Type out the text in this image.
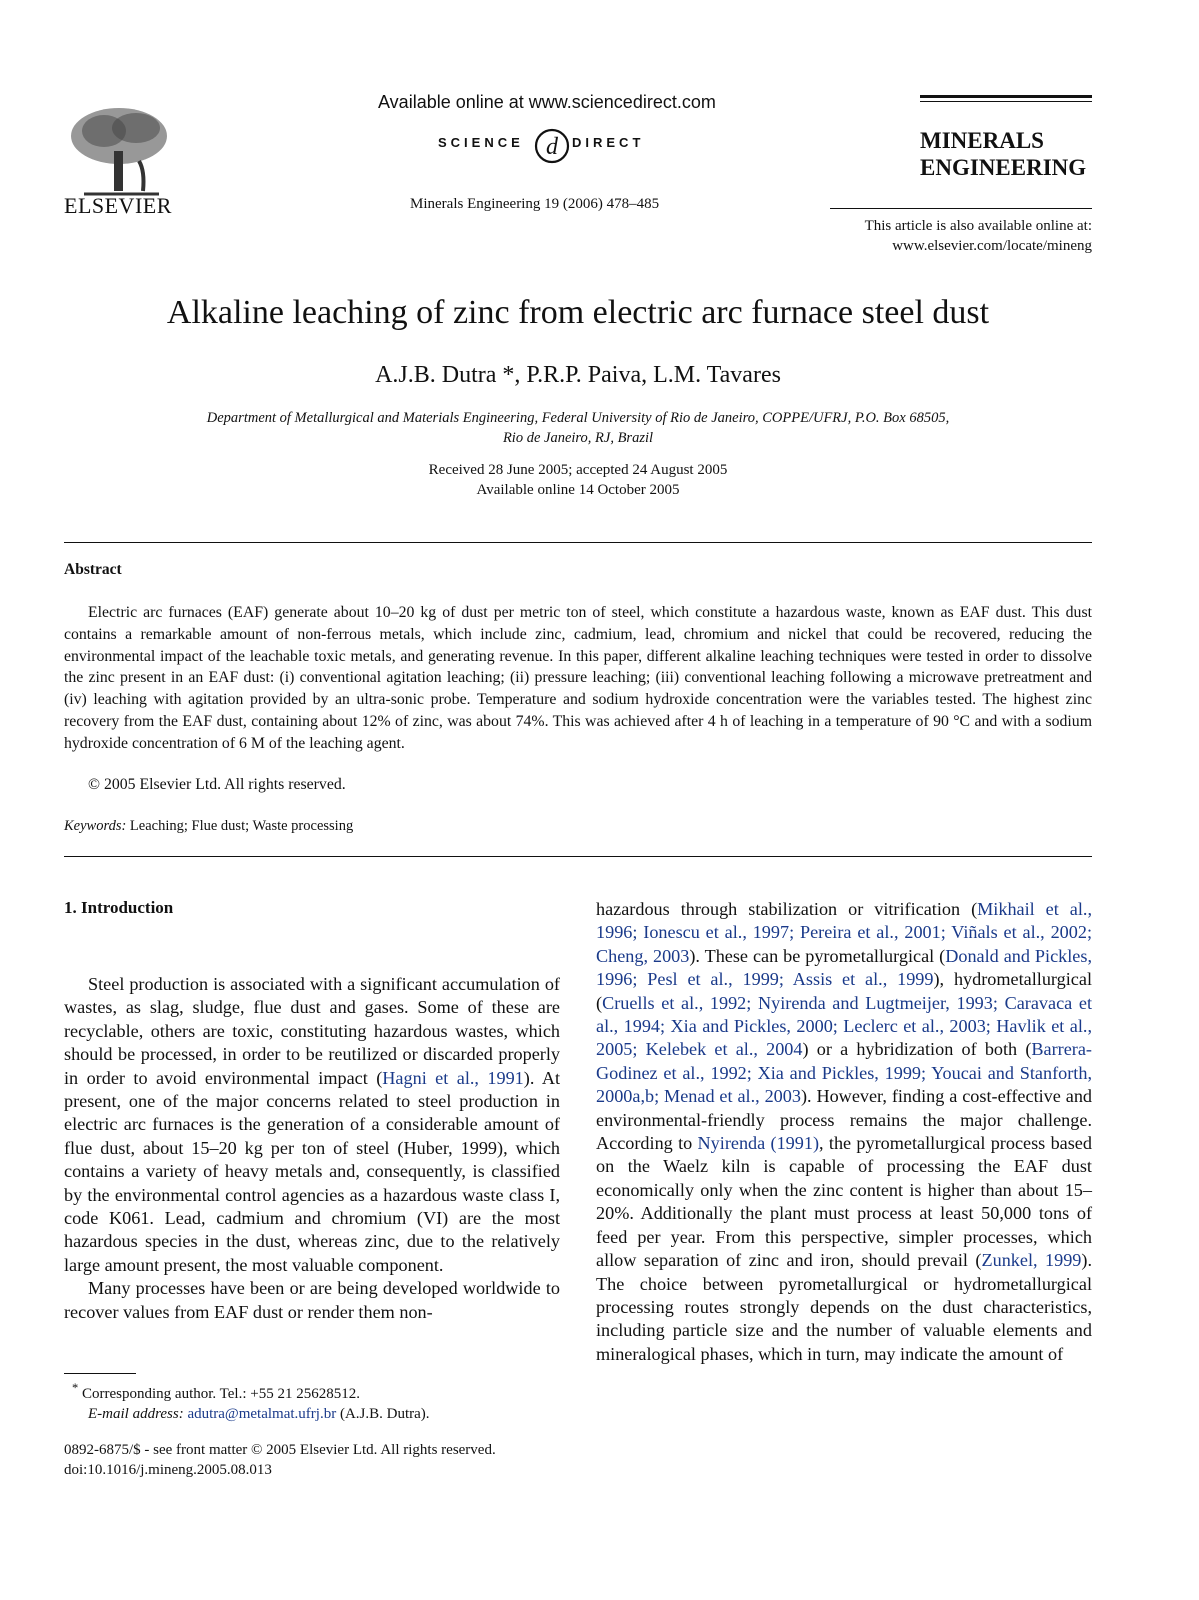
ELSEVIER
Available online at www.sciencedirect.com
SCIENCE d DIRECT
Minerals Engineering 19 (2006) 478–485
MINERALS
ENGINEERING
This article is also available online at:
www.elsevier.com/locate/mineng
Alkaline leaching of zinc from electric arc furnace steel dust
A.J.B. Dutra *, P.R.P. Paiva, L.M. Tavares
Department of Metallurgical and Materials Engineering, Federal University of Rio de Janeiro, COPPE/UFRJ, P.O. Box 68505,
Rio de Janeiro, RJ, Brazil
Received 28 June 2005; accepted 24 August 2005
Available online 14 October 2005
Abstract
Electric arc furnaces (EAF) generate about 10–20 kg of dust per metric ton of steel, which constitute a hazardous waste, known as EAF dust. This dust contains a remarkable amount of non-ferrous metals, which include zinc, cadmium, lead, chromium and nickel that could be recovered, reducing the environmental impact of the leachable toxic metals, and generating revenue. In this paper, different alkaline leaching techniques were tested in order to dissolve the zinc present in an EAF dust: (i) conventional agitation leaching; (ii) pressure leaching; (iii) conventional leaching following a microwave pretreatment and (iv) leaching with agitation provided by an ultra-sonic probe. Temperature and sodium hydroxide concentration were the variables tested. The highest zinc recovery from the EAF dust, containing about 12% of zinc, was about 74%. This was achieved after 4 h of leaching in a temperature of 90 °C and with a sodium hydroxide concentration of 6 M of the leaching agent.
© 2005 Elsevier Ltd. All rights reserved.
Keywords: Leaching; Flue dust; Waste processing
1. Introduction

Steel production is associated with a significant accumulation of wastes, as slag, sludge, flue dust and gases. Some of these are recyclable, others are toxic, constituting hazardous wastes, which should be processed, in order to be reutilized or discarded properly in order to avoid environmental impact (Hagni et al., 1991). At present, one of the major concerns related to steel production in electric arc furnaces is the generation of a considerable amount of flue dust, about 15–20 kg per ton of steel (Huber, 1999), which contains a variety of heavy metals and, consequently, is classified by the environmental control agencies as a hazardous waste class I, code K061. Lead, cadmium and chromium (VI) are the most hazardous species in the dust, whereas zinc, due to the relatively large amount present, the most valuable component.

Many processes have been or are being developed worldwide to recover values from EAF dust or render them non-

hazardous through stabilization or vitrification (Mikhail et al., 1996; Ionescu et al., 1997; Pereira et al., 2001; Viñals et al., 2002; Cheng, 2003). These can be pyrometallurgical (Donald and Pickles, 1996; Pesl et al., 1999; Assis et al., 1999), hydrometallurgical (Cruells et al., 1992; Nyirenda and Lugtmeijer, 1993; Caravaca et al., 1994; Xia and Pickles, 2000; Leclerc et al., 2003; Havlik et al., 2005; Kelebek et al., 2004) or a hybridization of both (Barrera-Godinez et al., 1992; Xia and Pickles, 1999; Youcai and Stanforth, 2000a,b; Menad et al., 2003). However, finding a cost-effective and environmental-friendly process remains the major challenge. According to Nyirenda (1991), the pyrometallurgical process based on the Waelz kiln is capable of processing the EAF dust economically only when the zinc content is higher than about 15–20%. Additionally the plant must process at least 50,000 tons of feed per year. From this perspective, simpler processes, which allow separation of zinc and iron, should prevail (Zunkel, 1999). The choice between pyrometallurgical or hydrometallurgical processing routes strongly depends on the dust characteristics, including particle size and the number of valuable elements and mineralogical phases, which in turn, may indicate the amount of

* Corresponding author. Tel.: +55 21 25628512.
E-mail address: adutra@metalmat.ufrj.br (A.J.B. Dutra).
0892-6875/$ - see front matter © 2005 Elsevier Ltd. All rights reserved.
doi:10.1016/j.mineng.2005.08.013
